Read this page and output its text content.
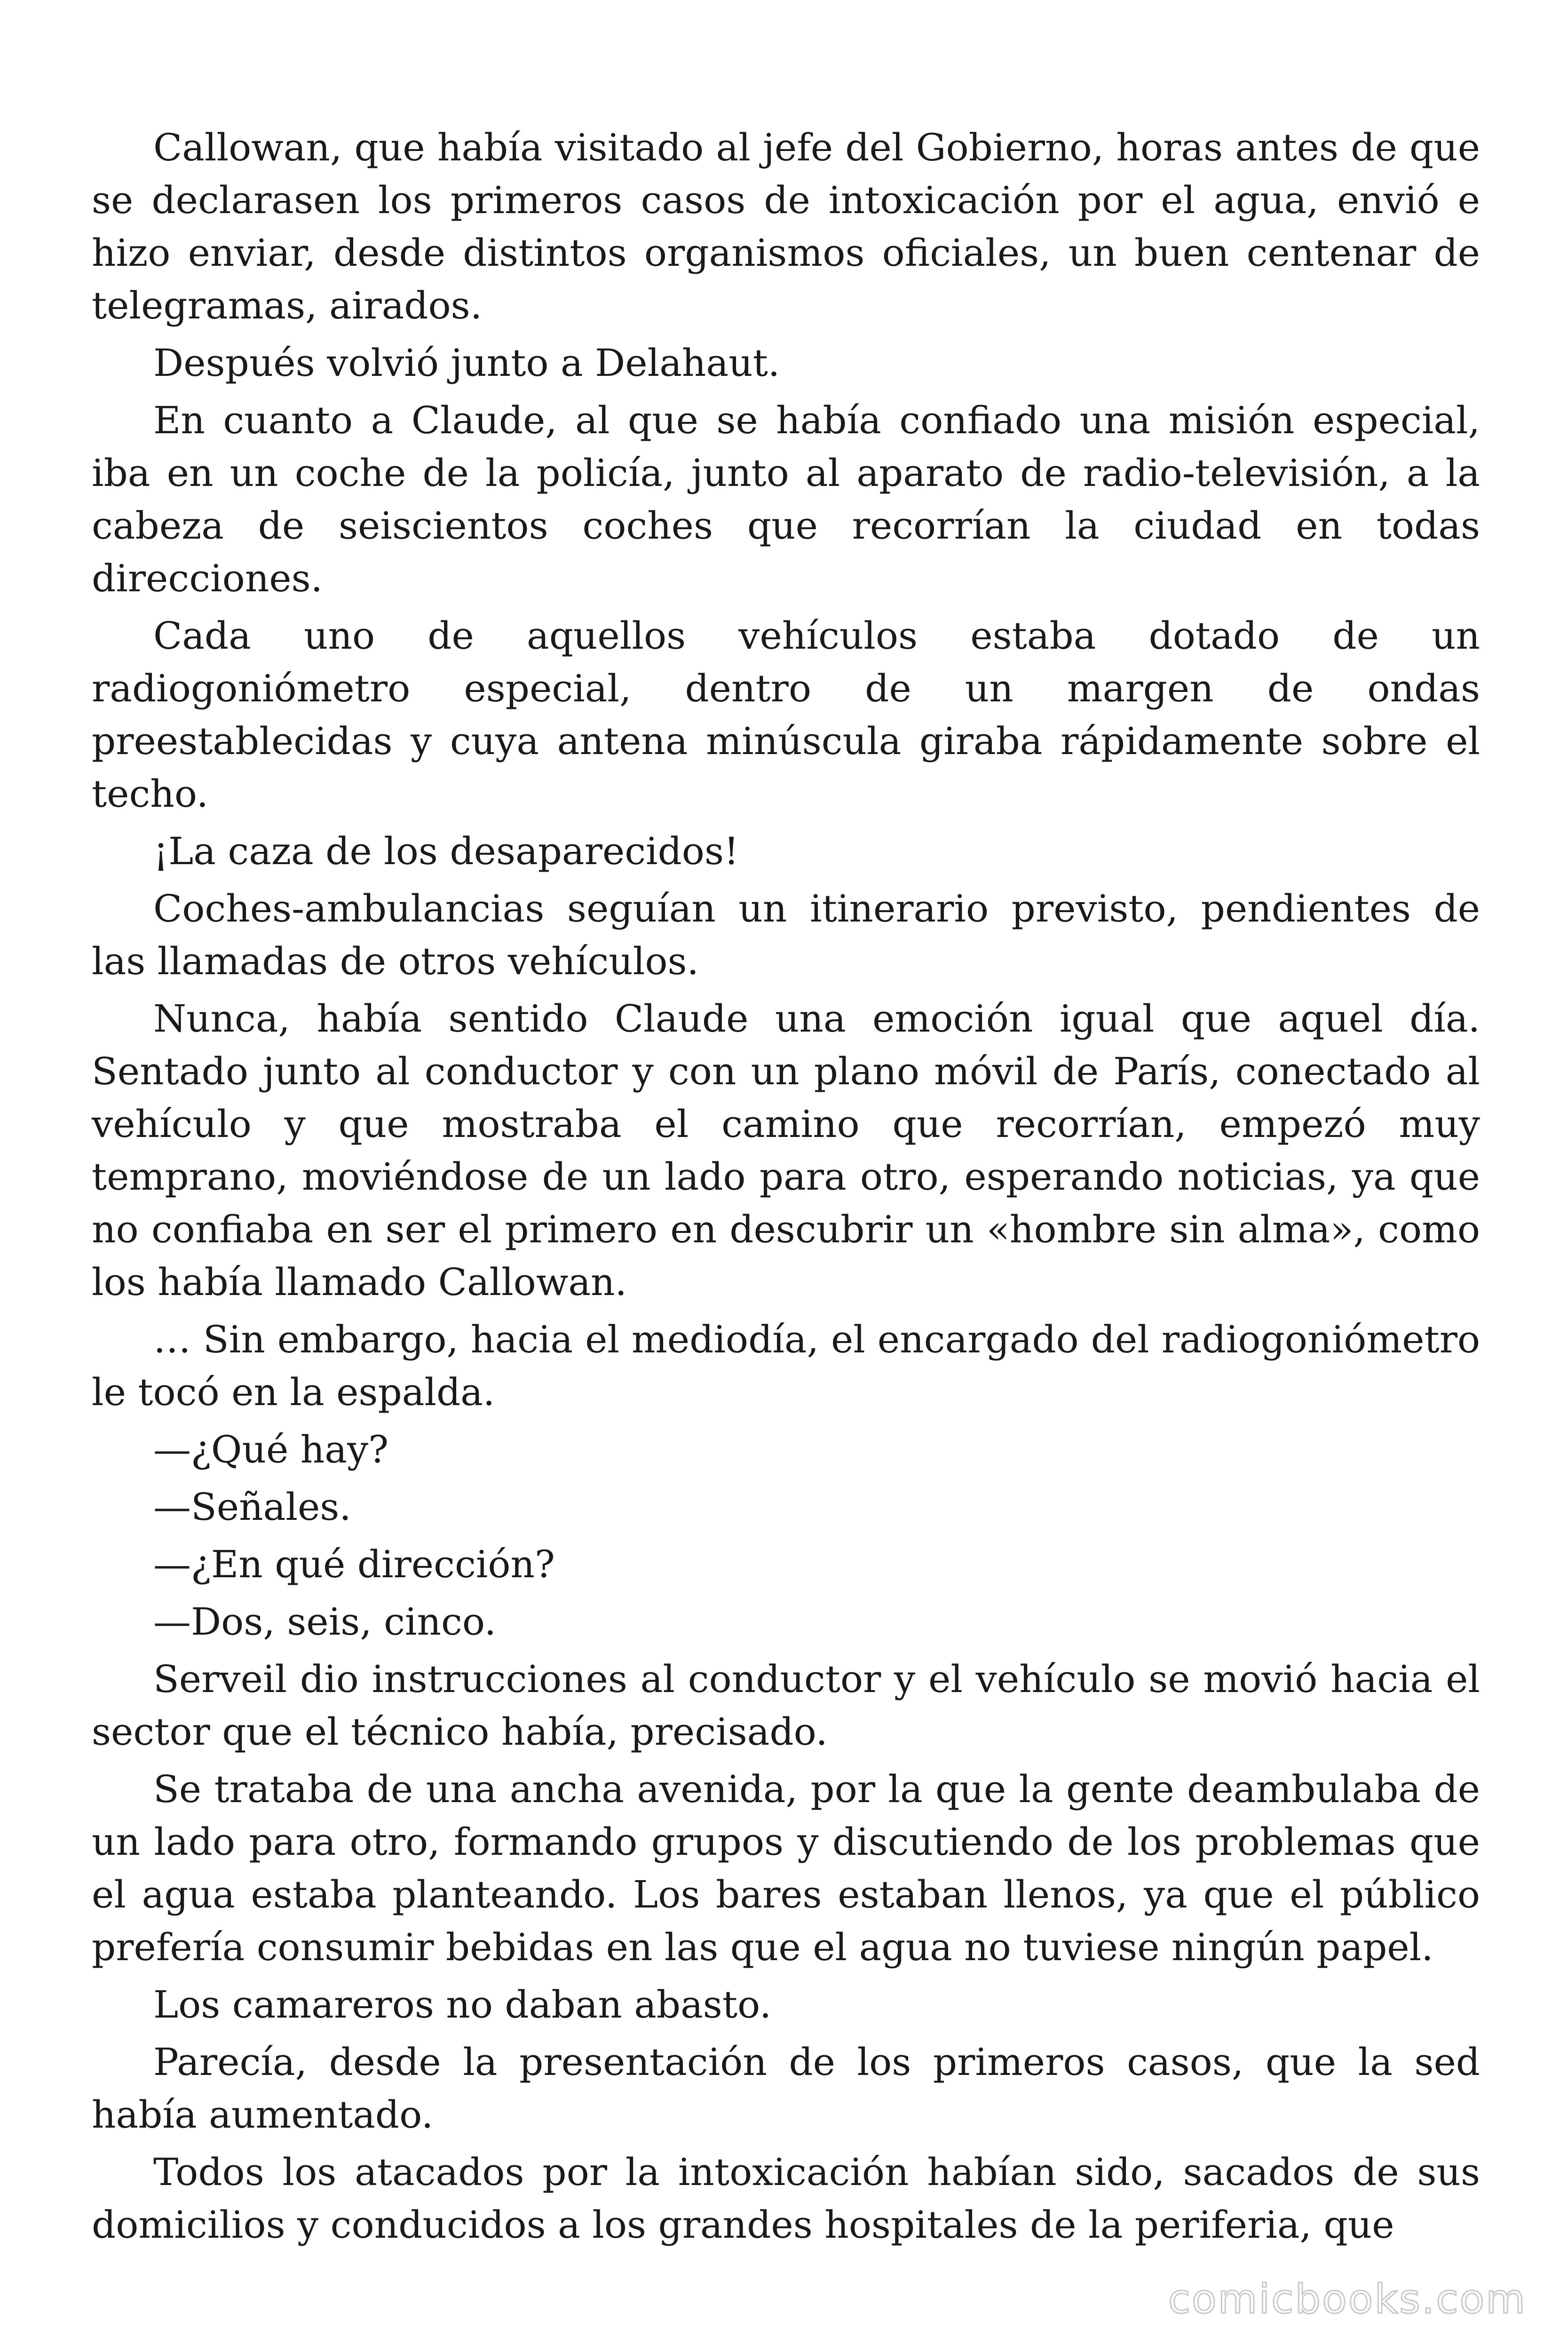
Callowan, que había visitado al jefe del Gobierno, horas antes de que se declarasen los primeros casos de intoxicación por el agua, envió e hizo enviar, desde distintos organismos oficiales, un buen centenar de telegramas, airados.

Después volvió junto a Delahaut.

En cuanto a Claude, al que se había confiado una misión especial, iba en un coche de la policía, junto al aparato de radio-televisión, a la cabeza de seiscientos coches que recorrían la ciudad en todas direcciones.

Cada uno de aquellos vehículos estaba dotado de un radiogoniómetro especial, dentro de un margen de ondas preestablecidas y cuya antena minúscula giraba rápidamente sobre el techo.

¡La caza de los desaparecidos!

Coches-ambulancias seguían un itinerario previsto, pendientes de las llamadas de otros vehículos.

Nunca, había sentido Claude una emoción igual que aquel día. Sentado junto al conductor y con un plano móvil de París, conectado al vehículo y que mostraba el camino que recorrían, empezó muy temprano, moviéndose de un lado para otro, esperando noticias, ya que no confiaba en ser el primero en descubrir un «hombre sin alma», como los había llamado Callowan.

… Sin embargo, hacia el mediodía, el encargado del radiogoniómetro le tocó en la espalda.

—¿Qué hay?

—Señales.

—¿En qué dirección?

—Dos, seis, cinco.

Serveil dio instrucciones al conductor y el vehículo se movió hacia el sector que el técnico había, precisado.

Se trataba de una ancha avenida, por la que la gente deambulaba de un lado para otro, formando grupos y discutiendo de los problemas que el agua estaba planteando. Los bares estaban llenos, ya que el público prefería consumir bebidas en las que el agua no tuviese ningún papel.

Los camareros no daban abasto.

Parecía, desde la presentación de los primeros casos, que la sed había aumentado.

Todos los atacados por la intoxicación habían sido, sacados de sus domicilios y conducidos a los grandes hospitales de la periferia, que

comicbooks.com
